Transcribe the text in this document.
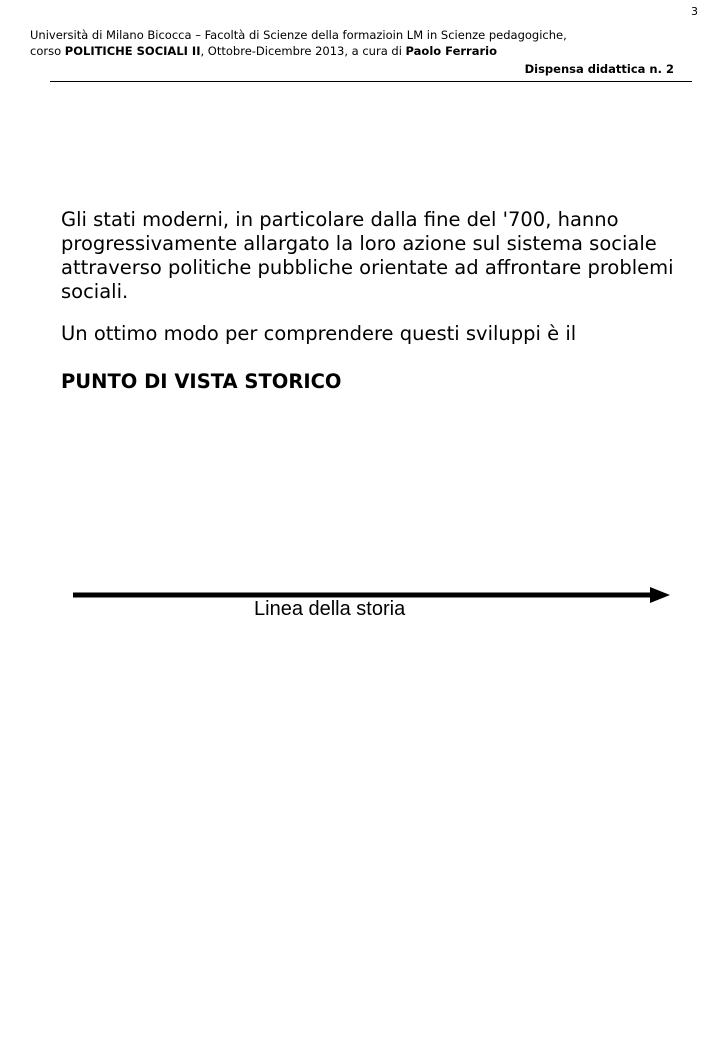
3
Università di Milano Bicocca – Facoltà di Scienze della formazioin LM in Scienze pedagogiche,
corso POLITICHE SOCIALI II, Ottobre-Dicembre 2013, a cura di Paolo Ferrario
Dispensa didattica n. 2

Gli stati moderni, in particolare dalla fine del '700, hanno progressivamente allargato la loro azione sul sistema sociale attraverso politiche pubbliche orientate ad affrontare problemi sociali.

Un ottimo modo per comprendere questi sviluppi è il

PUNTO DI VISTA STORICO

Linea della storia
